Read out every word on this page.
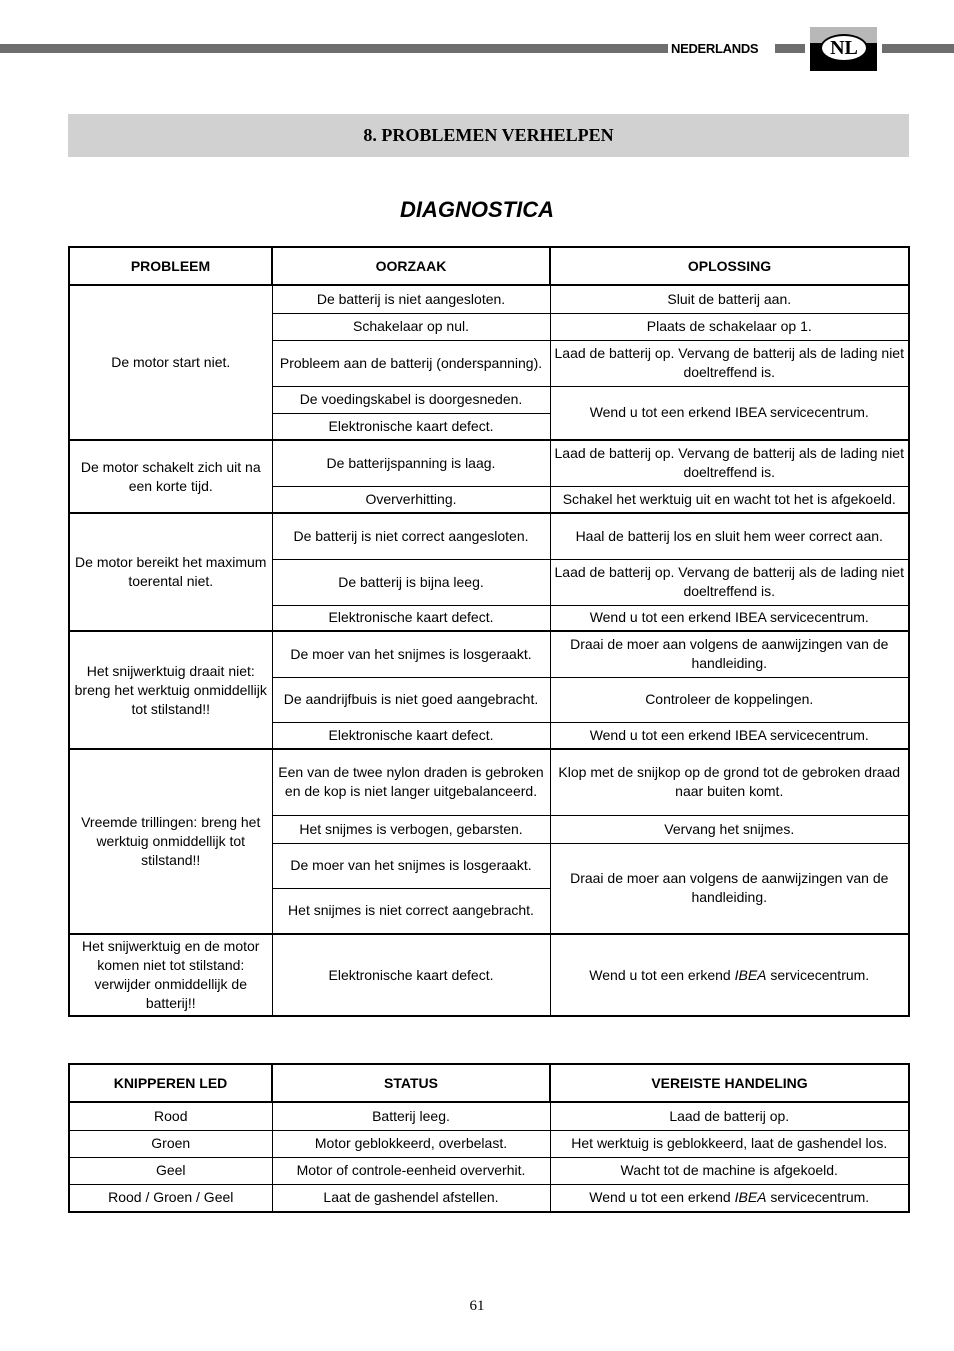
NEDERLANDS	NL
8. PROBLEMEN VERHELPEN
DIAGNOSTICA
PROBLEEM	OORZAAK	OPLOSSING
De motor start niet.	De batterij is niet aangesloten.	Sluit de batterij aan.
	Schakelaar op nul.	Plaats de schakelaar op 1.
	Probleem aan de batterij (onderspanning).	Laad de batterij op. Vervang de batterij als de lading niet doeltreffend is.
	De voedingskabel is doorgesneden.	Wend u tot een erkend IBEA servicecentrum.
	Elektronische kaart defect.	
De motor schakelt zich uit na een korte tijd.	De batterijspanning is laag.	Laad de batterij op. Vervang de batterij als de lading niet doeltreffend is.
	Oververhitting.	Schakel het werktuig uit en wacht tot het is afgekoeld.
De motor bereikt het maximum toerental niet.	De batterij is niet correct aangesloten.	Haal de batterij los en sluit hem weer correct aan.
	De batterij is bijna leeg.	Laad de batterij op. Vervang de batterij als de lading niet doeltreffend is.
	Elektronische kaart defect.	Wend u tot een erkend IBEA servicecentrum.
Het snijwerktuig draait niet: breng het werktuig onmiddellijk tot stilstand!!	De moer van het snijmes is losgeraakt.	Draai de moer aan volgens de aanwijzingen van de handleiding.
	De aandrijfbuis is niet goed aangebracht.	Controleer de koppelingen.
	Elektronische kaart defect.	Wend u tot een erkend IBEA servicecentrum.
Vreemde trillingen: breng het werktuig onmiddellijk tot stilstand!!	Een van de twee nylon draden is gebroken en de kop is niet langer uitgebalanceerd.	Klop met de snijkop op de grond tot de gebroken draad naar buiten komt.
	Het snijmes is verbogen, gebarsten.	Vervang het snijmes.
	De moer van het snijmes is losgeraakt.	Draai de moer aan volgens de aanwijzingen van de handleiding.
	Het snijmes is niet correct aangebracht.	
Het snijwerktuig en de motor komen niet tot stilstand: verwijder onmiddellijk de batterij!!	Elektronische kaart defect.	Wend u tot een erkend IBEA servicecentrum.
KNIPPEREN LED	STATUS	VEREISTE HANDELING
Rood	Batterij leeg.	Laad de batterij op.
Groen	Motor geblokkeerd, overbelast.	Het werktuig is geblokkeerd, laat de gashendel los.
Geel	Motor of controle-eenheid oververhit.	Wacht tot de machine is afgekoeld.
Rood / Groen / Geel	Laat de gashendel afstellen.	Wend u tot een erkend IBEA servicecentrum.
61
